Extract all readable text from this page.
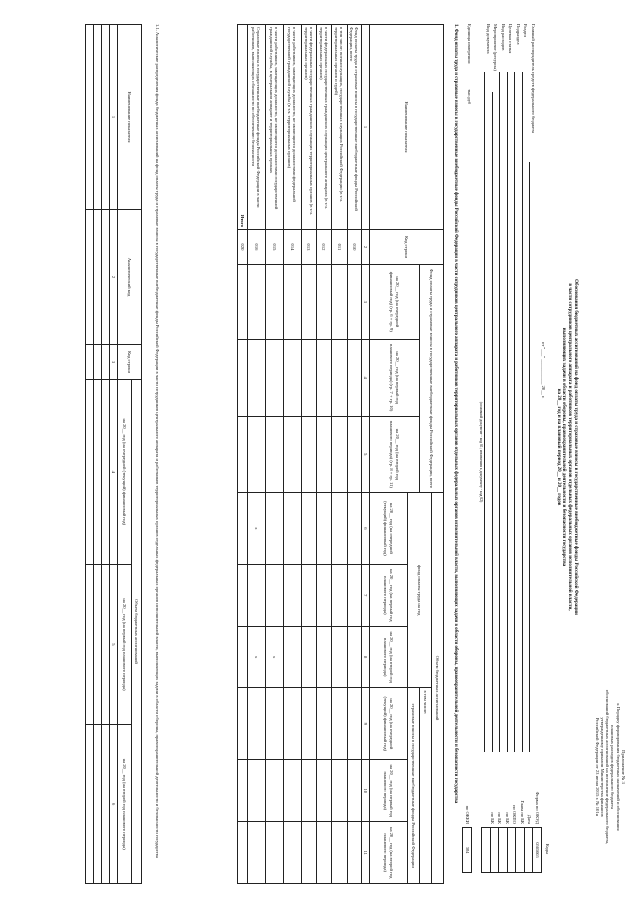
Приложение № 3
к Порядку формирования бюджетных назначений и обоснования
плановых расходов федерального бюджета
обоснований бюджетных ассигнований на исполнение федерального бюджета,
утвержденному приказом Министерства финансов
Российской Федерации от 23 июня 2015 г. № 101н
Обоснования бюджетных ассигнований на фонд оплаты труда и страховые взносы в государственные внебюджетные фонды Российской Федерации
в части сотрудников центрального аппарата и работников территориальных органов отдельных федеральных органов исполнительной власти,
выполняющих задачи в области обороны, правоохранительной деятельности и безопасности государства
на 20__ год и на плановый период 20__ и 20__ годов
от "___" ___________ 20__ г.
Коды
Форма по ОКУД
Дата
Глава по БК
по ОКПО
по БК
по БК
по БК
0505005

по ОКЕИ
384
Главный распорядитель средств федерального бюджета
Раздел
Подраздел
Целевая статья
Вид расходов
Мероприятие (ресурсы)
Вид документа
(основной документ - код 01; изменения к документу - код 02)
Единица измерения: тыс.руб
1. Фонд оплаты труда и страховые взносы в государственные внебюджетные фонды Российской Федерации в части сотрудников центрального аппарата и работников территориальных органов отдельных федеральных органов исполнительной власти, выполняющих задачи в области обороны, правоохранительной деятельности и безопасности государства
Наименование показателя	Код строки	Фонд оплаты труда и страховые взносы в государственные внебюджетные фонды Российской Федерации, всего			Объем бюджетных ассигнований					
					фонд оплаты труда на год			в том числе:		
		на 20__ год (на очередной финансовый год) (гр. 6 + гр. 9)	на 20__ год (на первый год планового периода) (гр. 7 + гр. 10)	на 20__ год (на второй год планового периода) (гр. 8 + гр. 11)				страховые взносы в государственные внебюджетные фонды Российской Федерации		
					на 20__ год (на очередной (текущий) финансовый год)	на 20__ год (на первый год планового периода)	на 20__ год (на второй год планового периода)	на 20__ год (на очередной (текущий) финансовый год)	на 20__ год (на первый год планового периода)	на 20__ год (на второй год планового периода)
1	2	3	4	5	6	7	8	9	10	11
Фонд оплаты труда и страховые взносы в государственные внебюджетные фонды Российской Федерации, всего	010									
в том числе: военнослужащих, государственных служащих Российской Федерации (в т.ч. территориальных органов и судей)	011									
в части федеральных государственных гражданских служащих центрального аппарата (в т.ч. территориальных органов)	012									
в части федеральных государственных гражданских служащих территориальных органов (в т.ч. территориальных органов)	013									
в части работников, замещающих должности, не являющиеся должностями федеральной государственной гражданской службы (в т.ч. территориальных органов)	014									
в части работников, замещающих должности, не являющиеся должностями государственной гражданской службы, в центральном аппарате и территориальных органах	015						x			
Страховые взносы в государственные внебюджетные фонды Российской Федерации в части работников, выполняющих обязанности по обеспечению безопасности	016				x		x			
Итого	020									
1.1. Аналитические распределения фонда бюджетных ассигнований на фонд оплаты труда и страховые взносы в государственные внебюджетные фонды Российской Федерации в части сотрудников центрального аппарата и работников территориальных органов отдельных федеральных органов исполнительной власти, выполняющих задачи в области обороны, правоохранительной деятельности и безопасности государства
Наименование показателя	Аналитический код	Код строки	Объем бюджетных ассигнований		
			на 20__ год (на очередной (текущий) финансовый год)	на 20__ год (на первый год планового периода)	на 20__ год (на второй год планового периода)
1	2	3	4	5	6
